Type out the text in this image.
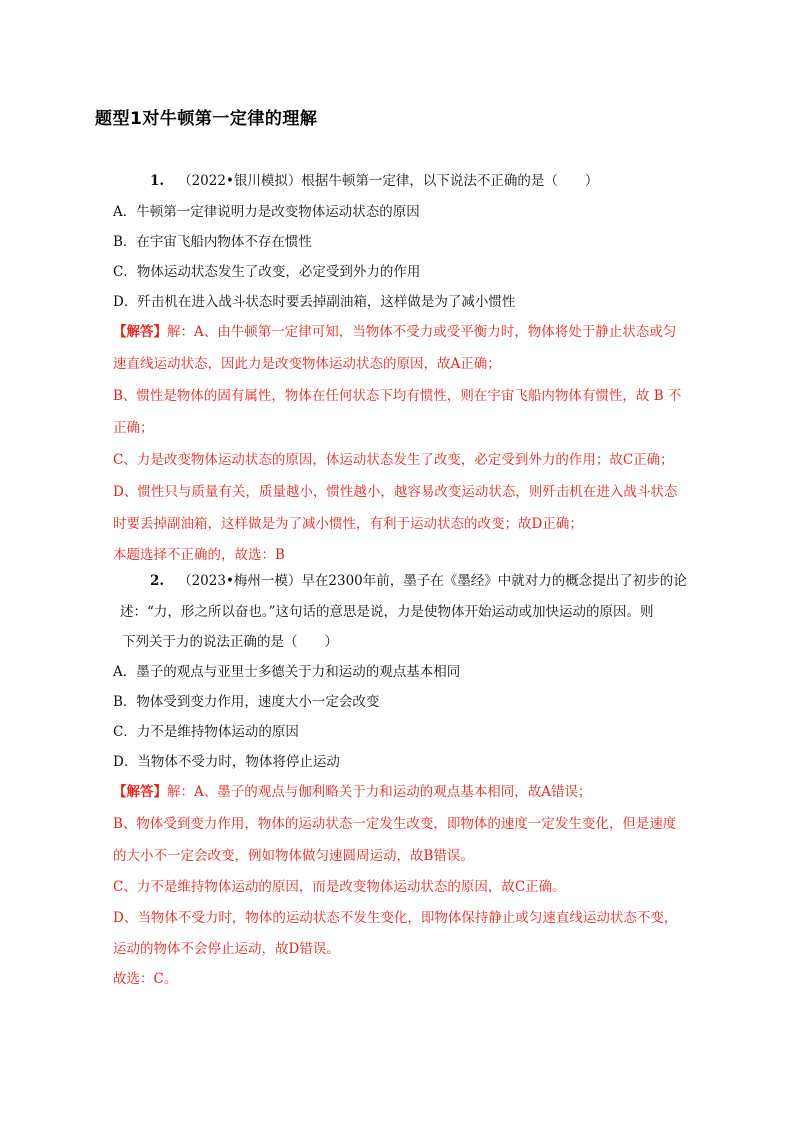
题型1对牛顿第一定律的理解
1. （2022•银川模拟）根据牛顿第一定律，以下说法不正确的是（　　）
A．牛顿第一定律说明力是改变物体运动状态的原因
B．在宇宙飞船内物体不存在惯性
C．物体运动状态发生了改变，必定受到外力的作用
D．歼击机在进入战斗状态时要丢掉副油箱，这样做是为了减小惯性
【解答】解：A、由牛顿第一定律可知，当物体不受力或受平衡力时，物体将处于静止状态或匀
速直线运动状态，因此力是改变物体运动状态的原因，故A正确；
B、惯性是物体的固有属性，物体在任何状态下均有惯性，则在宇宙飞船内物体有惯性，故 B 不
正确；
C、力是改变物体运动状态的原因，体运动状态发生了改变，必定受到外力的作用；故C正确；
D、惯性只与质量有关，质量越小，惯性越小，越容易改变运动状态，则歼击机在进入战斗状态
时要丢掉副油箱，这样做是为了减小惯性，有利于运动状态的改变；故D正确；
本题选择不正确的，故选：B
2. （2023•梅州一模）早在2300年前，墨子在《墨经》中就对力的概念提出了初步的论
述：“力，形之所以奋也。”这句话的意思是说，力是使物体开始运动或加快运动的原因。则
下列关于力的说法正确的是（　　）
A．墨子的观点与亚里士多德关于力和运动的观点基本相同
B．物体受到变力作用，速度大小一定会改变
C．力不是维持物体运动的原因
D．当物体不受力时，物体将停止运动
【解答】解：A、墨子的观点与伽利略关于力和运动的观点基本相同，故A错误；
B、物体受到变力作用，物体的运动状态一定发生改变，即物体的速度一定发生变化，但是速度
的大小不一定会改变，例如物体做匀速圆周运动，故B错误。
C、力不是维持物体运动的原因，而是改变物体运动状态的原因，故C正确。
D、当物体不受力时，物体的运动状态不发生变化，即物体保持静止或匀速直线运动状态不变，
运动的物体不会停止运动，故D错误。
故选：C。
